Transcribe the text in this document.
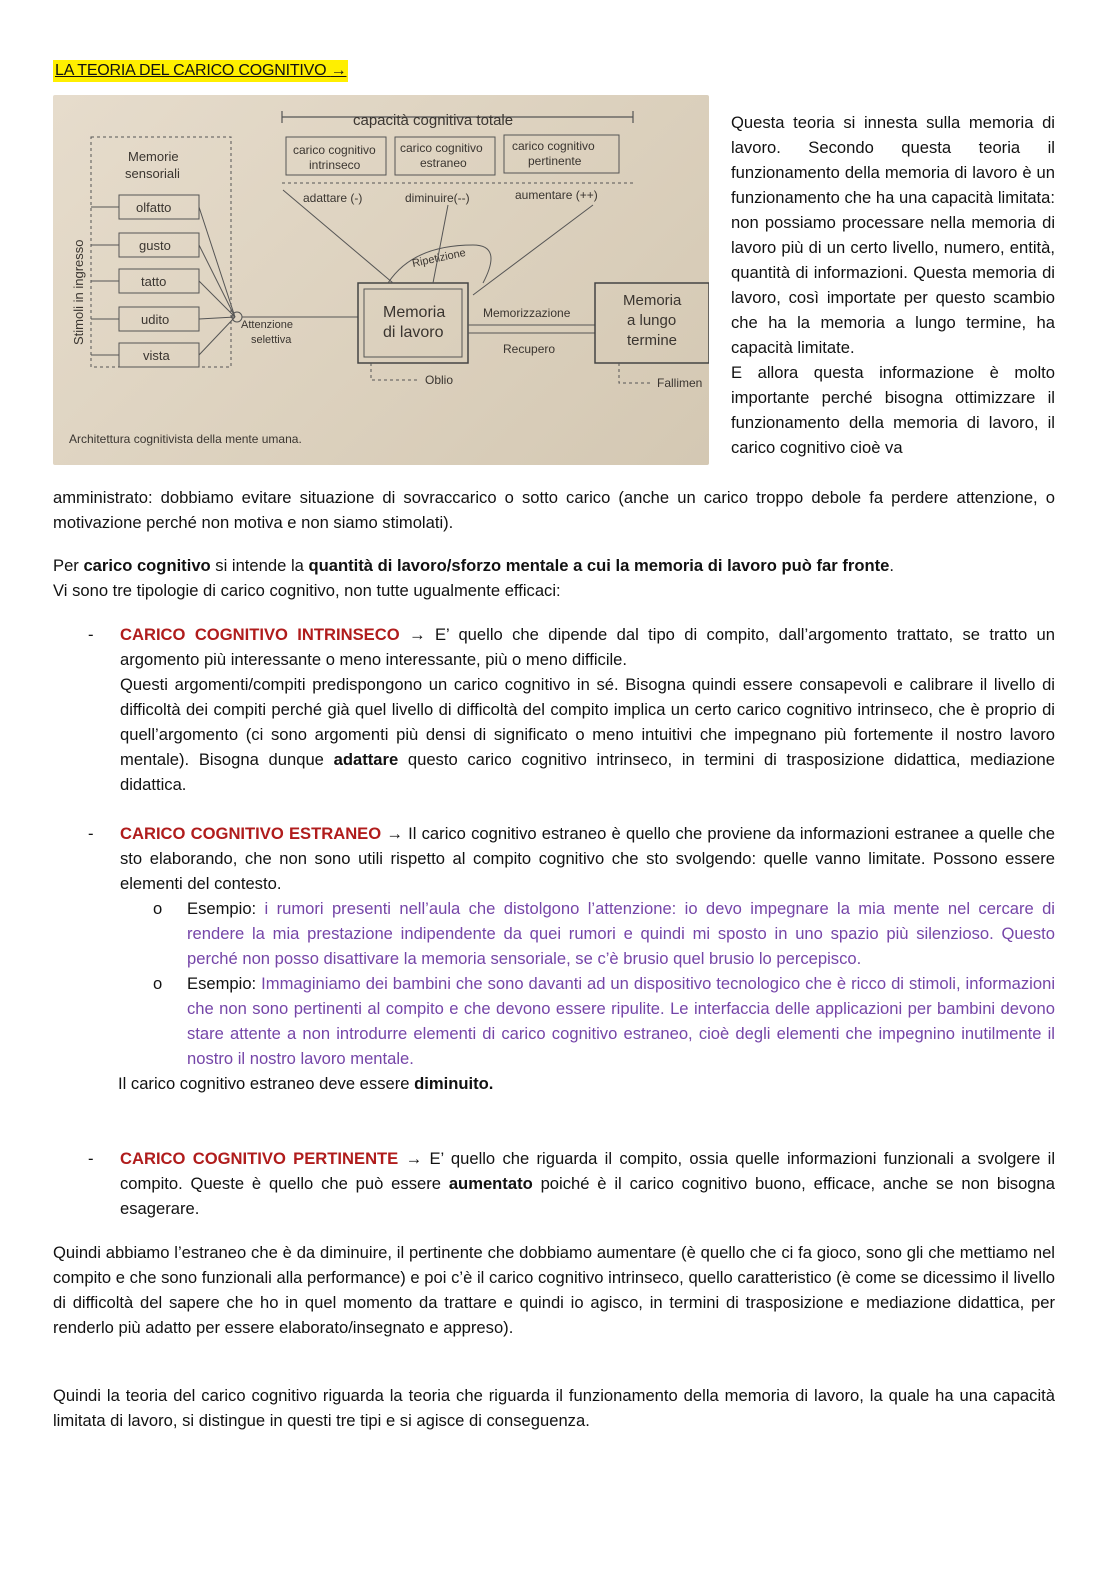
LA TEORIA DEL CARICO COGNITIVO →
capacità cognitiva totale
carico cognitivo
intrinseco
carico cognitivo
estraneo
carico cognitivo
pertinente
adattare (-)	diminuire(--)	aumentare (++)
Memorie
sensoriali
olfatto
gusto
tatto
udito
vista
Stimoli in ingresso	Attenzione
selettiva
Memoria
di lavoro
Ripetizione
Memorizzazione
Recupero
Memoria
a lungo
termine
Oblio	Fallimen
Architettura cognitivista della mente umana.
Questa teoria si innesta sulla memoria di lavoro. Secondo questa teoria il funzionamento della memoria di lavoro è un funzionamento che ha una capacità limitata: non possiamo processare nella memoria di lavoro più di un certo livello, numero, entità, quantità di informazioni. Questa memoria di lavoro, così importate per questo scambio che ha la memoria a lungo termine, ha capacità limitate.
E allora questa informazione è molto importante perché bisogna ottimizzare il funzionamento della memoria di lavoro, il carico cognitivo cioè va
amministrato: dobbiamo evitare situazione di sovraccarico o sotto carico (anche un carico troppo debole fa perdere attenzione, o motivazione perché non motiva e non siamo stimolati).
Per carico cognitivo si intende la quantità di lavoro/sforzo mentale a cui la memoria di lavoro può far fronte.
Vi sono tre tipologie di carico cognitivo, non tutte ugualmente efficaci:
- CARICO COGNITIVO INTRINSECO → E’ quello che dipende dal tipo di compito, dall’argomento trattato, se tratto un argomento più interessante o meno interessante, più o meno difficile.
Questi argomenti/compiti predispongono un carico cognitivo in sé. Bisogna quindi essere consapevoli e calibrare il livello di difficoltà dei compiti perché già quel livello di difficoltà del compito implica un certo carico cognitivo intrinseco, che è proprio di quell’argomento (ci sono argomenti più densi di significato o meno intuitivi che impegnano più fortemente il nostro lavoro mentale). Bisogna dunque adattare questo carico cognitivo intrinseco, in termini di trasposizione didattica, mediazione didattica.
- CARICO COGNITIVO ESTRANEO → Il carico cognitivo estraneo è quello che proviene da informazioni estranee a quelle che sto elaborando, che non sono utili rispetto al compito cognitivo che sto svolgendo: quelle vanno limitate. Possono essere elementi del contesto.
o Esempio: i rumori presenti nell’aula che distolgono l’attenzione: io devo impegnare la mia mente nel cercare di rendere la mia prestazione indipendente da quei rumori e quindi mi sposto in uno spazio più silenzioso. Questo perché non posso disattivare la memoria sensoriale, se c’è brusio quel brusio lo percepisco.
o Esempio: Immaginiamo dei bambini che sono davanti ad un dispositivo tecnologico che è ricco di stimoli, informazioni che non sono pertinenti al compito e che devono essere ripulite. Le interfaccia delle applicazioni per bambini devono stare attente a non introdurre elementi di carico cognitivo estraneo, cioè degli elementi che impegnino inutilmente il nostro il nostro lavoro mentale.
Il carico cognitivo estraneo deve essere diminuito.
- CARICO COGNITIVO PERTINENTE → E’ quello che riguarda il compito, ossia quelle informazioni funzionali a svolgere il compito. Queste è quello che può essere aumentato poiché è il carico cognitivo buono, efficace, anche se non bisogna esagerare.
Quindi abbiamo l’estraneo che è da diminuire, il pertinente che dobbiamo aumentare (è quello che ci fa gioco, sono gli che mettiamo nel compito e che sono funzionali alla performance) e poi c’è il carico cognitivo intrinseco, quello caratteristico (è come se dicessimo il livello di difficoltà del sapere che ho in quel momento da trattare e quindi io agisco, in termini di trasposizione e mediazione didattica, per renderlo più adatto per essere elaborato/insegnato e appreso).
Quindi la teoria del carico cognitivo riguarda la teoria che riguarda il funzionamento della memoria di lavoro, la quale ha una capacità limitata di lavoro, si distingue in questi tre tipi e si agisce di conseguenza.
